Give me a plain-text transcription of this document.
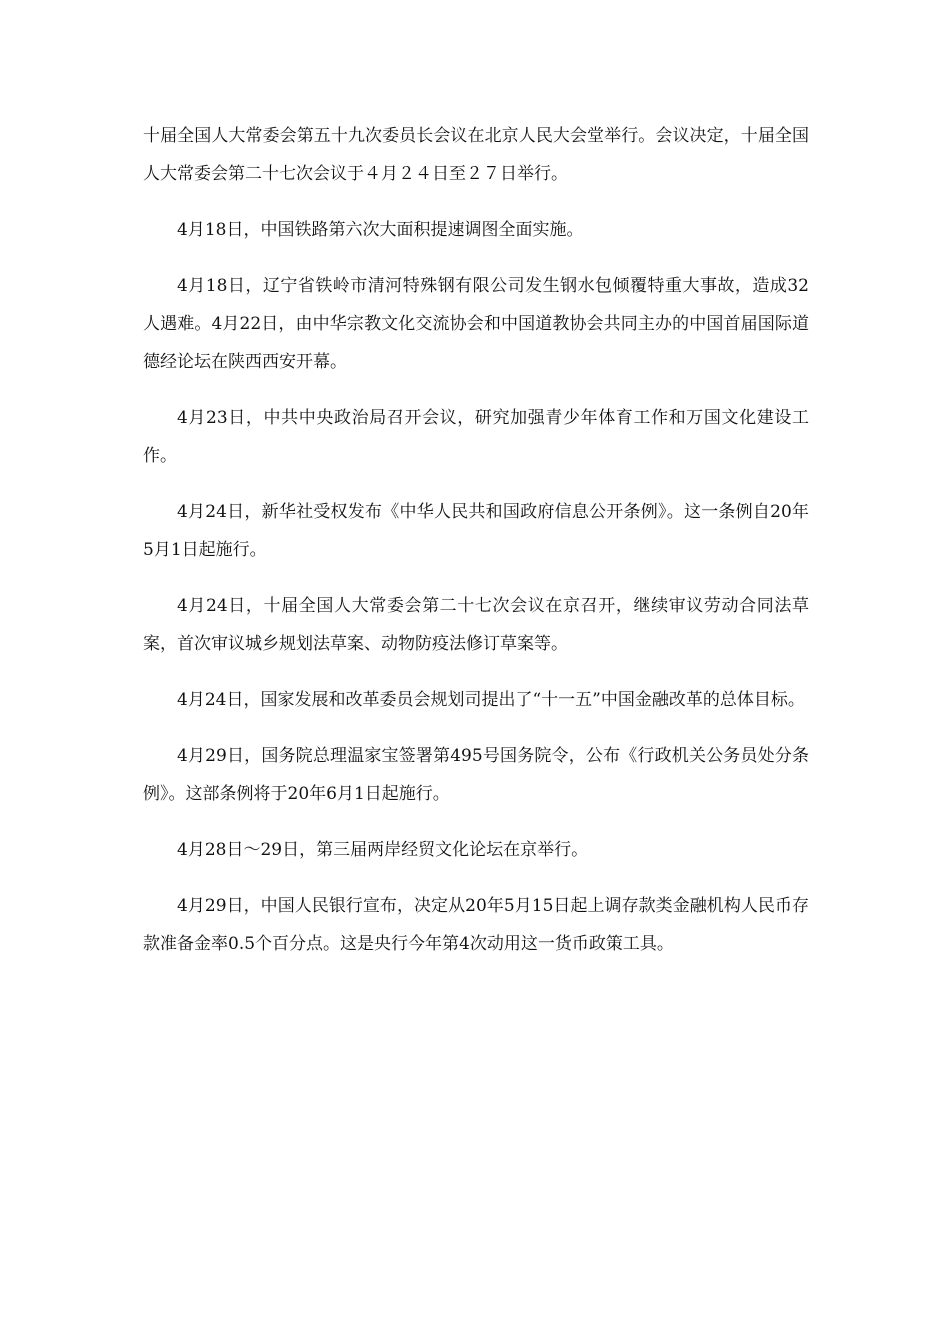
十届全国人大常委会第五十九次委员长会议在北京人民大会堂举行。会议决定，十届全国人大常委会第二十七次会议于４月２４日至２７日举行。

4月18日，中国铁路第六次大面积提速调图全面实施。

4月18日，辽宁省铁岭市清河特殊钢有限公司发生钢水包倾覆特重大事故，造成32人遇难。4月22日，由中华宗教文化交流协会和中国道教协会共同主办的中国首届国际道德经论坛在陕西西安开幕。

4月23日，中共中央政治局召开会议，研究加强青少年体育工作和万国文化建设工作。

4月24日，新华社受权发布《中华人民共和国政府信息公开条例》。这一条例自20年5月1日起施行。

4月24日，十届全国人大常委会第二十七次会议在京召开，继续审议劳动合同法草案，首次审议城乡规划法草案、动物防疫法修订草案等。

4月24日，国家发展和改革委员会规划司提出了“十一五”中国金融改革的总体目标。

4月29日，国务院总理温家宝签署第495号国务院令，公布《行政机关公务员处分条例》。这部条例将于20年6月1日起施行。

4月28日～29日，第三届两岸经贸文化论坛在京举行。

4月29日，中国人民银行宣布，决定从20年5月15日起上调存款类金融机构人民币存款准备金率0.5个百分点。这是央行今年第4次动用这一货币政策工具。
